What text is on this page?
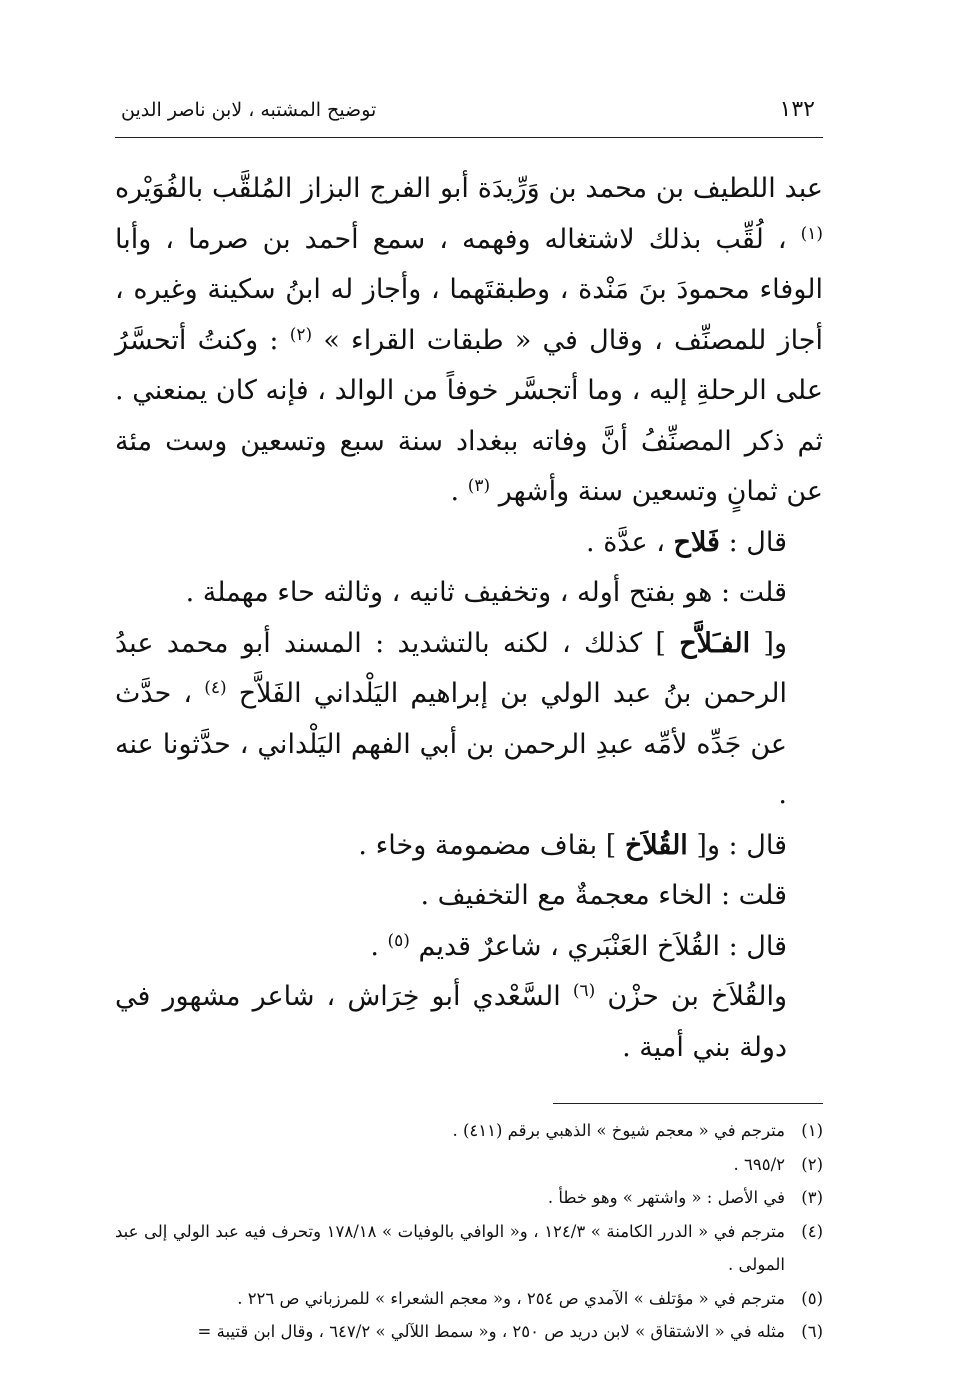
١٣٢
توضيح المشتبه ، لابن ناصر الدين

عبد اللطيف بن محمد بن وَرِّيدَة أبو الفرج البزاز المُلقَّب بالفُوَيْره $^{(١)}$ ، لُقِّب بذلك لاشتغاله وفهمه ، سمع أحمد بن صرما ، وأبا الوفاء محمودَ بنَ مَنْدة ، وطبقتَهما ، وأجاز له ابنُ سكينة وغيره ، أجاز للمصنِّف ، وقال في « طبقات القراء » $^{(٢)}$ : وكنتُ أتحسَّرُ على الرحلةِ إليه ، وما أتجسَّر خوفاً من الوالد ، فإنه كان يمنعني . ثم ذكر المصنِّفُ أنَّ وفاته ببغداد سنة سبع وتسعين وست مئة عن ثمانٍ وتسعين سنة وأشهر $^{(٣)}$ .

قال : فَلاح ، عدَّة .

قلت : هو بفتح أوله ، وتخفيف ثانيه ، وثالثه حاء مهملة .

و[ الفـَلاَّح ] كذلك ، لكنه بالتشديد : المسند أبو محمد عبدُ الرحمن بنُ عبد الولي بن إبراهيم اليَلْداني الفَلاَّح $^{(٤)}$ ، حدَّث عن جَدِّه لأمِّه عبدِ الرحمن بن أبي الفهم اليَلْداني ، حدَّثونا عنه .

قال : و[ القُلاَخ ] بقاف مضمومة وخاء .

قلت : الخاء معجمةٌ مع التخفيف .

قال : القُلاَخ العَنْبَري ، شاعرٌ قديم $^{(٥)}$ .

والقُلاَخ بن حزْن $^{(٦)}$ السَّعْدي أبو خِرَاش ، شاعر مشهور في دولة بني أمية .

(١)
مترجم في « معجم شيوخ » الذهبي برقم (٤١١) .
(٢)
٦٩٥/٢ .
(٣)
في الأصل : « واشتهر » وهو خطأ .
(٤)
مترجم في « الدرر الكامنة » ١٢٤/٣ ، و« الوافي بالوفيات » ١٧٨/١٨ وتحرف فيه عبد الولي إلى عبد المولى .
(٥)
مترجم في « مؤتلف » الآمدي ص ٢٥٤ ، و« معجم الشعراء » للمرزباني ص ٢٢٦ .
(٦)
مثله في « الاشتقاق » لابن دريد ص ٢٥٠ ، و« سمط اللآلي » ٦٤٧/٢ ، وقال ابن قتيبة =
